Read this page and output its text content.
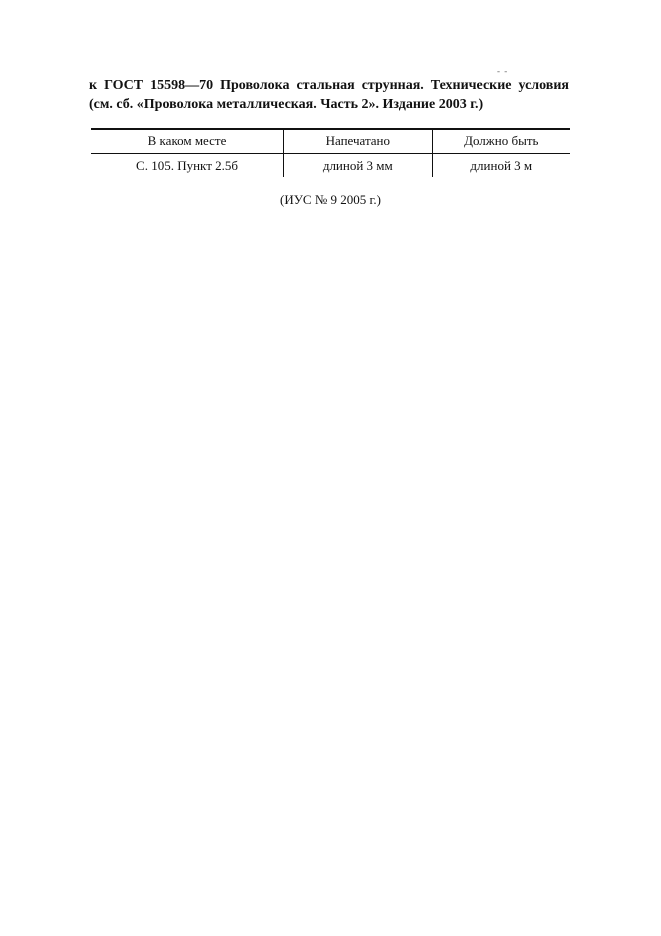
- -
к ГОСТ 15598—70 Проволока стальная струнная. Технические условия
(см. сб. «Проволока металлическая. Часть 2». Издание 2003 г.)
В каком месте	Напечатано	Должно быть
С. 105. Пункт 2.5б	длиной 3 мм	длиной 3 м
(ИУС № 9 2005 г.)
